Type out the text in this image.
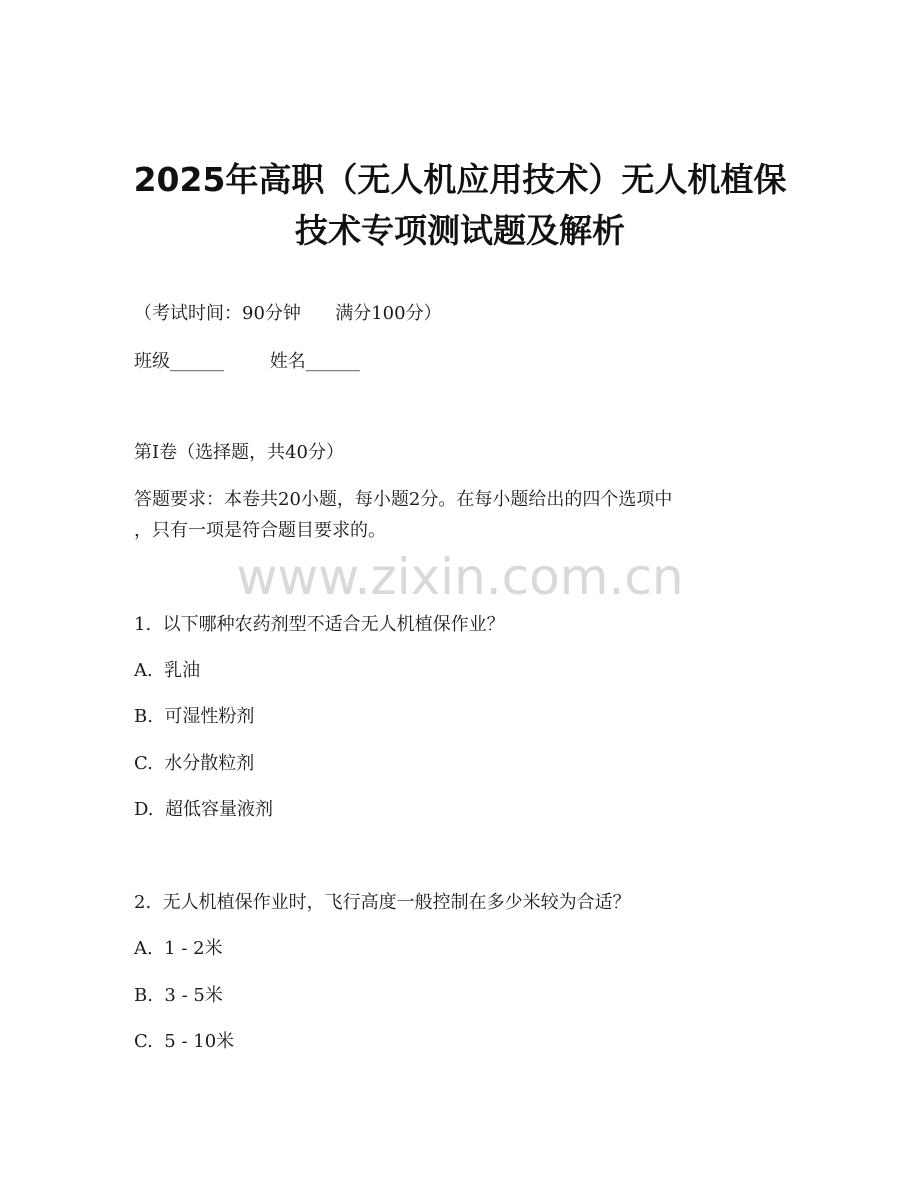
2025年高职（无人机应用技术）无人机植保
技术专项测试题及解析
（考试时间：90分钟      满分100分）
班级______        姓名______
第I卷（选择题，共40分）
答题要求：本卷共20小题，每小题2分。在每小题给出的四个选项中
，只有一项是符合题目要求的。
www.zixin.com.cn
1.  以下哪种农药剂型不适合无人机植保作业？
A.  乳油
B.  可湿性粉剂
C.  水分散粒剂
D.  超低容量液剂
2.  无人机植保作业时，飞行高度一般控制在多少米较为合适？
A.  1 - 2米
B.  3 - 5米
C.  5 - 10米
